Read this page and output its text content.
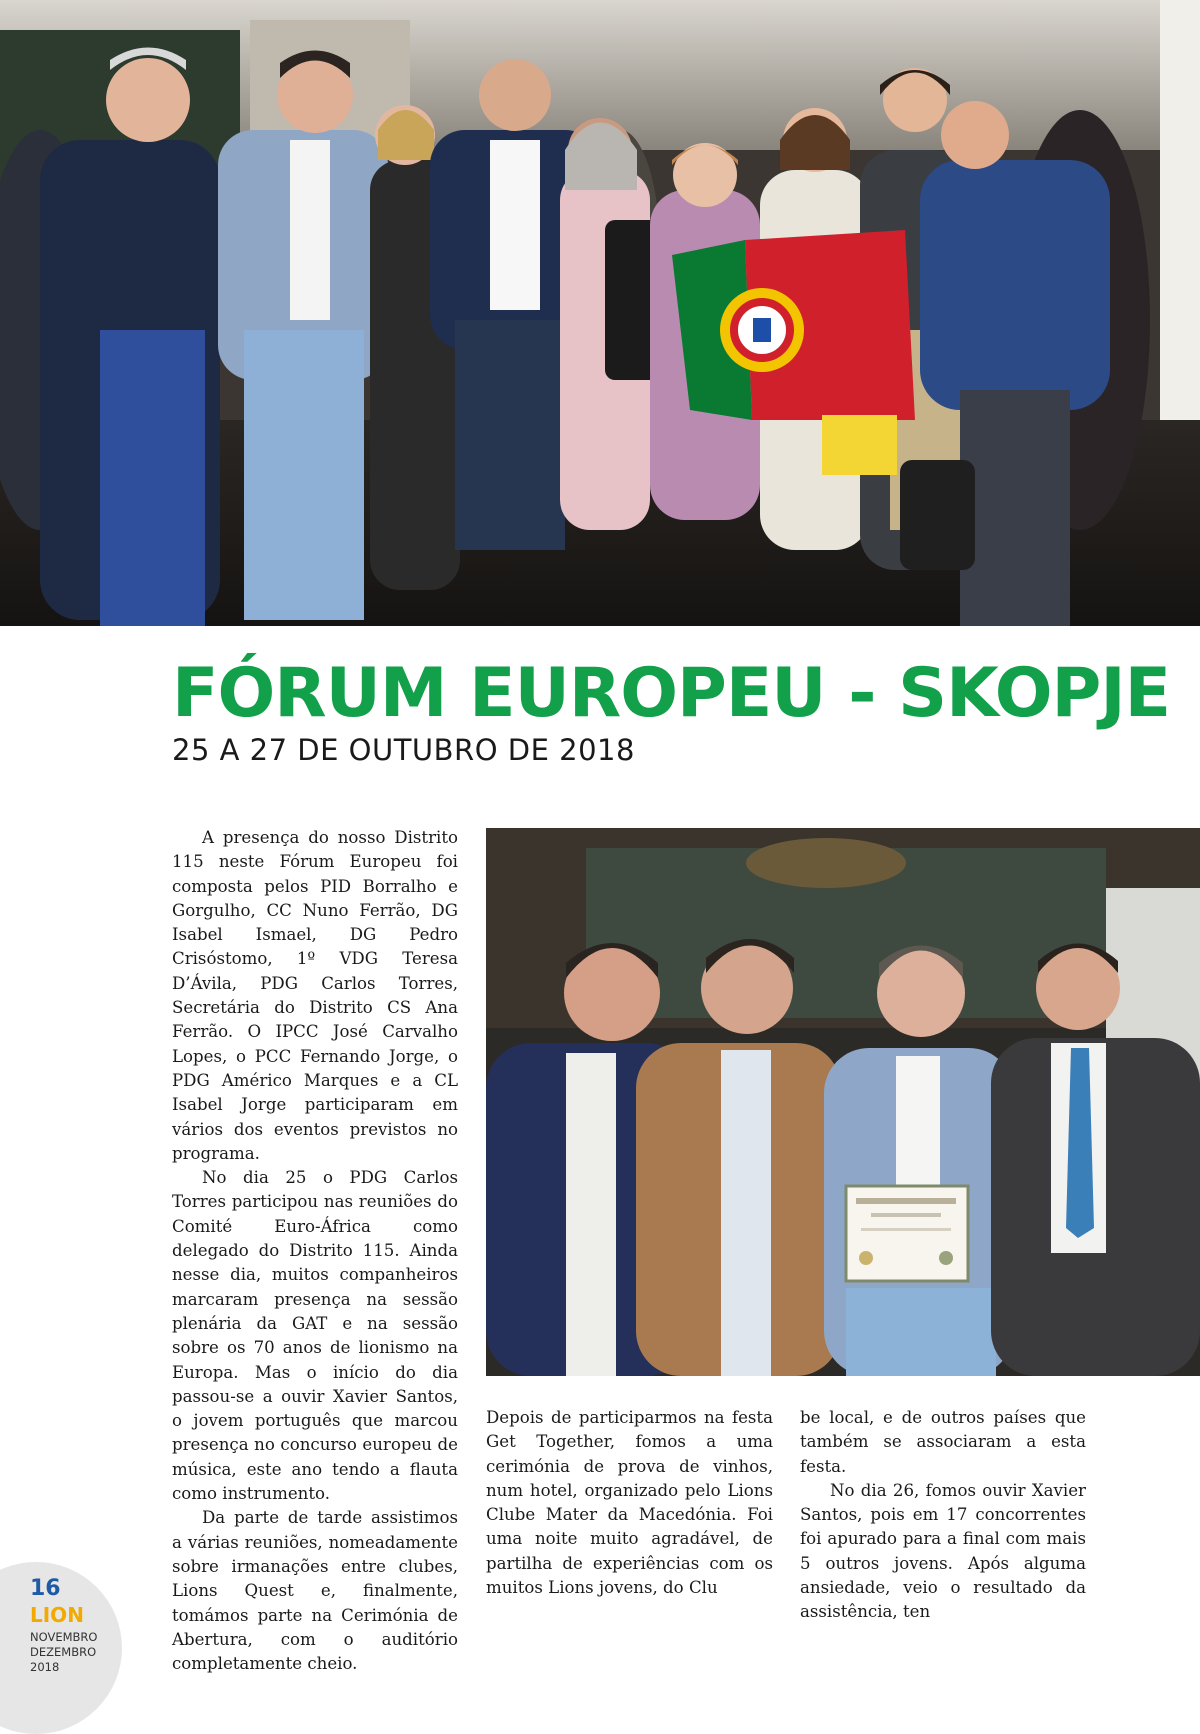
FÓRUM EUROPEU - SKOPJE
25 A 27 DE OUTUBRO DE 2018

A presença do nosso Distrito 115 neste Fórum Europeu foi composta pelos PID Borralho e Gorgulho, CC Nuno Ferrão, DG Isabel Ismael, DG Pedro Crisóstomo, 1º VDG Teresa D’Ávila, PDG Carlos Torres, Secretária do Distrito CS Ana Ferrão. O IPCC José Carvalho Lopes, o PCC Fernando Jorge, o PDG Américo Marques e a CL Isabel Jorge participaram em vários dos eventos previstos no programa.

No dia 25 o PDG Carlos Torres participou nas reuniões do Comité Euro-África como delegado do Distrito 115. Ainda nesse dia, muitos companheiros marcaram presença na sessão plenária da GAT e na sessão sobre os 70 anos de lionismo na Europa. Mas o início do dia passou-se a ouvir Xavier Santos, o jovem português que marcou presença no concurso europeu de música, este ano tendo a flauta como instrumento.

Da parte de tarde assistimos a várias reuniões, nomeadamente sobre irmanações entre clubes, Lions Quest e, finalmente, tomámos parte na Cerimónia de Abertura, com o auditório completamente cheio.

Depois de participarmos na festa Get Together, fomos a uma cerimónia de prova de vinhos, num hotel, organizado pelo Lions Clube Mater da Macedónia. Foi uma noite muito agradável, de partilha de experiências com os muitos Lions jovens, do Clu

be local, e de outros países que também se associaram a esta festa.

No dia 26, fomos ouvir Xavier Santos, pois em 17 concorrentes foi apurado para a final com mais 5 outros jovens. Após alguma ansiedade, veio o resultado da assistência, ten

16
LION
NOVEMBRO
DEZEMBRO
2018
